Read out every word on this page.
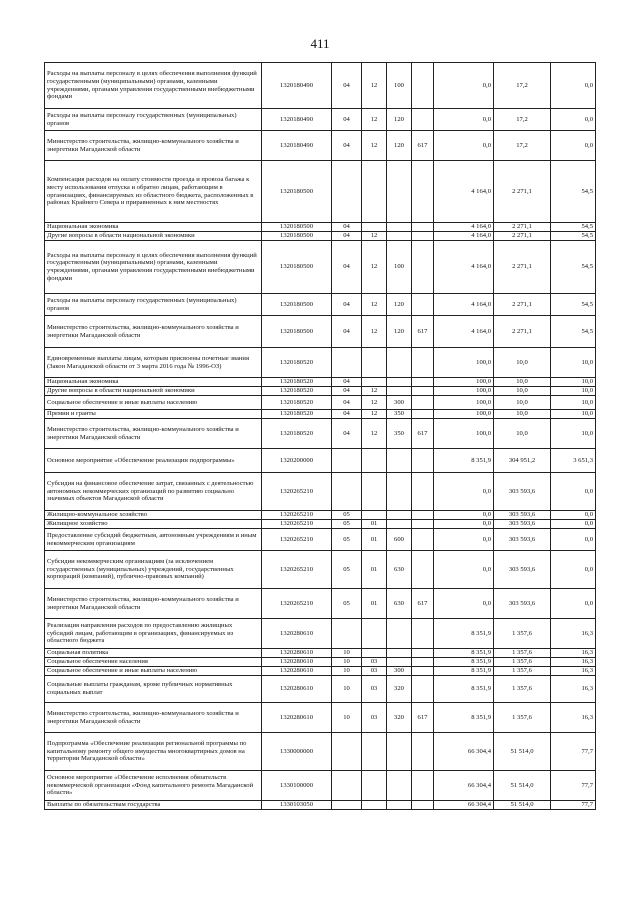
411
Расходы на выплаты персоналу в целях обеспечения выполнения функций государственными (муниципальными) органами, казенными учреждениями, органами управления государственными внебюджетными фондами	1320180490	04	12	100		0,0	17,2	0,0
Расходы на выплаты персоналу государственных (муниципальных) органов	1320180490	04	12	120		0,0	17,2	0,0
Министерство строительства, жилищно-коммунального хозяйства и энергетики Магаданской области	1320180490	04	12	120	617	0,0	17,2	0,0
Компенсация расходов на оплату стоимости проезда и провоза багажа к месту использования отпуска и обратно лицам, работающим в организациях, финансируемых из областного бюджета, расположенных в районах Крайнего Севера и приравненных к ним местностях	1320180500					4 164,0	2 271,1	54,5
Национальная экономика	1320180500	04				4 164,0	2 271,1	54,5
Другие вопросы в области национальной экономики	1320180500	04	12			4 164,0	2 271,1	54,5
Расходы на выплаты персоналу в целях обеспечения выполнения функций государственными (муниципальными) органами, казенными учреждениями, органами управления государственными внебюджетными фондами	1320180500	04	12	100		4 164,0	2 271,1	54,5
Расходы на выплаты персоналу государственных (муниципальных) органов	1320180500	04	12	120		4 164,0	2 271,1	54,5
Министерство строительства, жилищно-коммунального хозяйства и энергетики Магаданской области	1320180500	04	12	120	617	4 164,0	2 271,1	54,5
Единовременные выплаты лицам, которым присвоены почетные звания (Закон Магаданской области от 3 марта 2016 года № 1996-ОЗ)	1320180520					100,0	10,0	10,0
Национальная экономика	1320180520	04				100,0	10,0	10,0
Другие вопросы в области национальной экономики	1320180520	04	12			100,0	10,0	10,0
Социальное обеспечение и иные выплаты населению	1320180520	04	12	300		100,0	10,0	10,0
Премии и гранты	1320180520	04	12	350		100,0	10,0	10,0
Министерство строительства, жилищно-коммунального хозяйства и энергетики Магаданской области	1320180520	04	12	350	617	100,0	10,0	10,0
Основное мероприятие «Обеспечение реализации подпрограммы»	1320200000					8 351,9	304 951,2	3 651,3
Субсидия на финансовое обеспечение затрат, связанных с деятельностью автономных некоммерческих организаций по развитию социально значимых объектов Магаданской области	1320265210					0,0	303 593,6	0,0
Жилищно-коммунальное хозяйство	1320265210	05				0,0	303 593,6	0,0
Жилищное хозяйство	1320265210	05	01			0,0	303 593,6	0,0
Предоставление субсидий бюджетным, автономным учреждениям и иным некоммерческим организациям	1320265210	05	01	600		0,0	303 593,6	0,0
Субсидии некоммерческим организациям (за исключением государственных (муниципальных) учреждений, государственных корпораций (компаний), публично-правовых компаний)	1320265210	05	01	630		0,0	303 593,6	0,0
Министерство строительства, жилищно-коммунального хозяйства и энергетики Магаданской области	1320265210	05	01	630	617	0,0	303 593,6	0,0
Реализация направления расходов по предоставлению жилищных субсидий лицам, работающим в организациях, финансируемых из областного бюджета	1320280610					8 351,9	1 357,6	16,3
Социальная политика	1320280610	10				8 351,9	1 357,6	16,3
Социальное обеспечение населения	1320280610	10	03			8 351,9	1 357,6	16,3
Социальное обеспечение и иные выплаты населению	1320280610	10	03	300		8 351,9	1 357,6	16,3
Социальные выплаты гражданам, кроме публичных нормативных социальных выплат	1320280610	10	03	320		8 351,9	1 357,6	16,3
Министерство строительства, жилищно-коммунального хозяйства и энергетики Магаданской области	1320280610	10	03	320	617	8 351,9	1 357,6	16,3
Подпрограмма «Обеспечение реализации региональной программы по капитальному ремонту общего имущества многоквартирных домов на территории Магаданской области»	1330000000					66 304,4	51 514,0	77,7
Основное мероприятие «Обеспечение исполнения обязательств некоммерческой организации «Фонд капитального ремонта Магаданской области»	1330100000					66 304,4	51 514,0	77,7
Выплаты по обязательствам государства	1330103050					66 304,4	51 514,0	77,7
